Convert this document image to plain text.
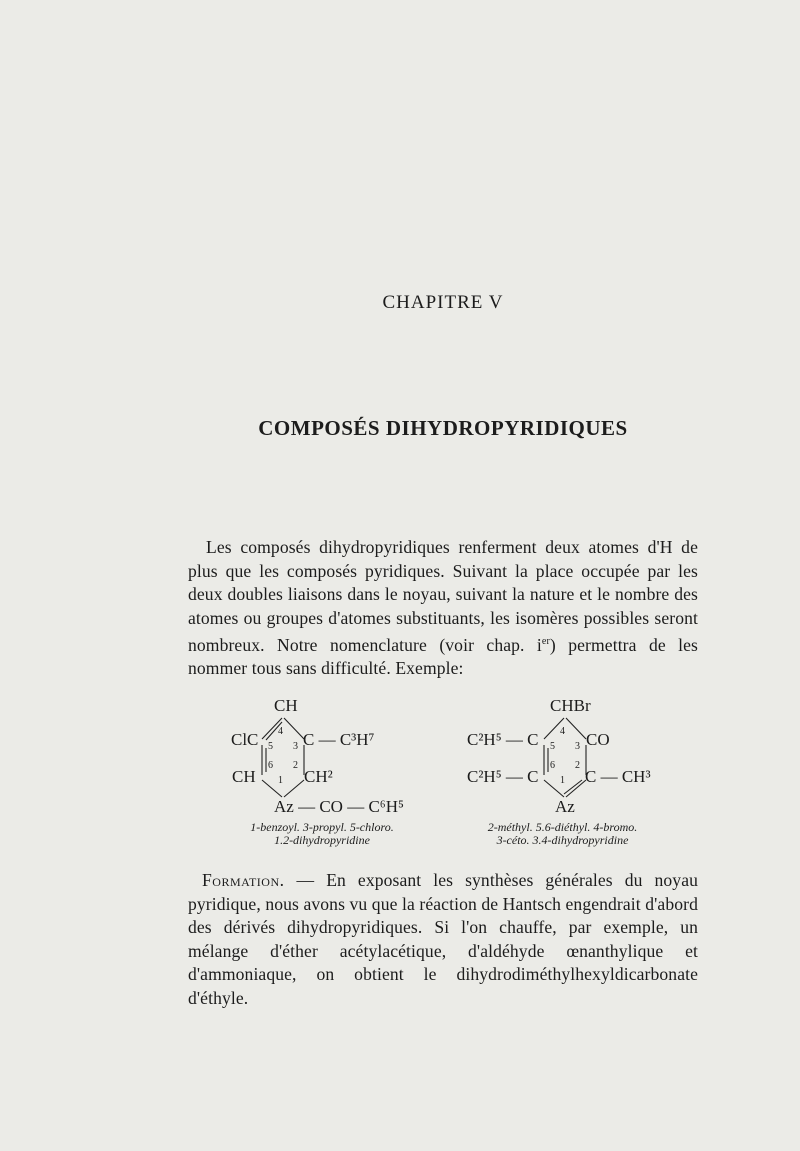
CHAPITRE V
COMPOSÉS DIHYDROPYRIDIQUES
Les composés dihydropyridiques renferment deux atomes d'H de plus que les composés pyridiques. Suivant la place occupée par les deux doubles liaisons dans le noyau, suivant la nature et le nombre des atomes ou groupes d'atomes substituants, les isomères possibles seront nombreux. Notre nomenclature (voir chap. $i^{er}$) permettra de les nommer tous sans difficulté. Exemple:
CH
ClC	C — C³H⁷
CH	CH²
Az — CO — C⁶H⁵
4
5 3
6 2
1
1-benzoyl. 3-propyl. 5-chloro.
1.2-dihydropyridine
CHBr
C²H⁵ — C	CO
C²H⁵ — C	C — CH³
Az
4
5 3
6 2
1
2-méthyl. 5.6-diéthyl. 4-bromo.
3-céto. 3.4-dihydropyridine
Formation. — En exposant les synthèses générales du noyau pyridique, nous avons vu que la réaction de Hantsch engendrait d'abord des dérivés dihydropyridiques. Si l'on chauffe, par exemple, un mélange d'éther acétylacétique, d'aldéhyde œnanthylique et d'ammoniaque, on obtient le dihydrodiméthylhexyldicarbonate d'éthyle.
